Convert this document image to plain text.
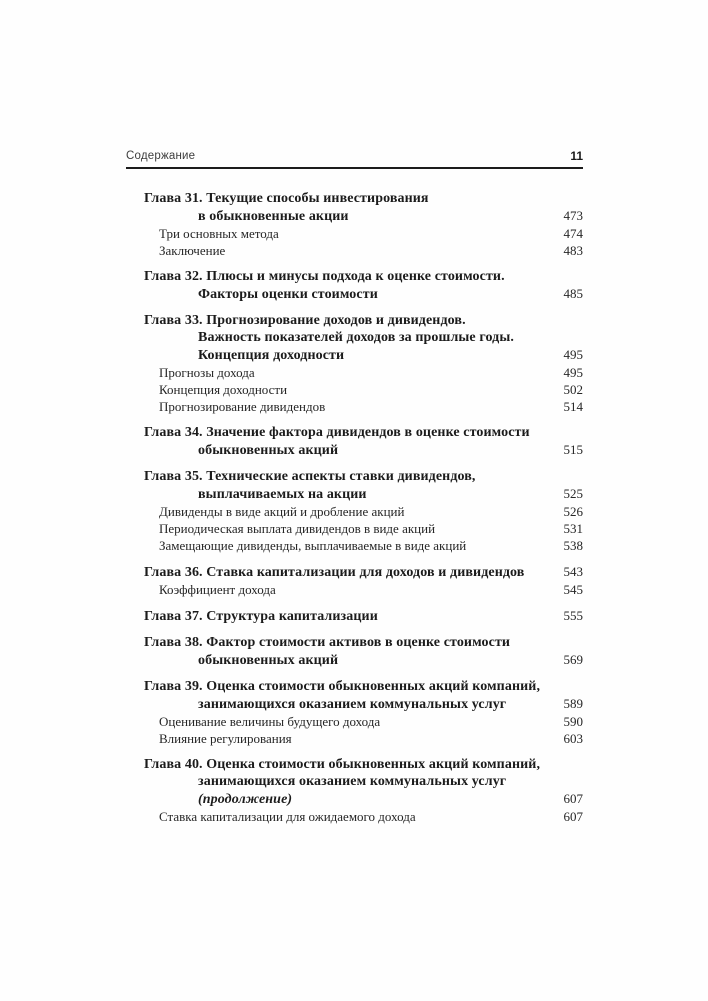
Содержание	11
Глава 31. Текущие способы инвестирования
в обыкновенные акции	473
Три основных метода	474
Заключение	483
Глава 32. Плюсы и минусы подхода к оценке стоимости.
Факторы оценки стоимости	485
Глава 33. Прогнозирование доходов и дивидендов.
Важность показателей доходов за прошлые годы.
Концепция доходности	495
Прогнозы дохода	495
Концепция доходности	502
Прогнозирование дивидендов	514
Глава 34. Значение фактора дивидендов в оценке стоимости
обыкновенных акций	515
Глава 35. Технические аспекты ставки дивидендов,
выплачиваемых на акции	525
Дивиденды в виде акций и дробление акций	526
Периодическая выплата дивидендов в виде акций	531
Замещающие дивиденды, выплачиваемые в виде акций	538
Глава 36. Ставка капитализации для доходов и дивидендов	543
Коэффициент дохода	545
Глава 37. Структура капитализации	555
Глава 38. Фактор стоимости активов в оценке стоимости
обыкновенных акций	569
Глава 39. Оценка стоимости обыкновенных акций компаний,
занимающихся оказанием коммунальных услуг	589
Оценивание величины будущего дохода	590
Влияние регулирования	603
Глава 40. Оценка стоимости обыкновенных акций компаний,
занимающихся оказанием коммунальных услуг
(продолжение)	607
Ставка капитализации для ожидаемого дохода	607
